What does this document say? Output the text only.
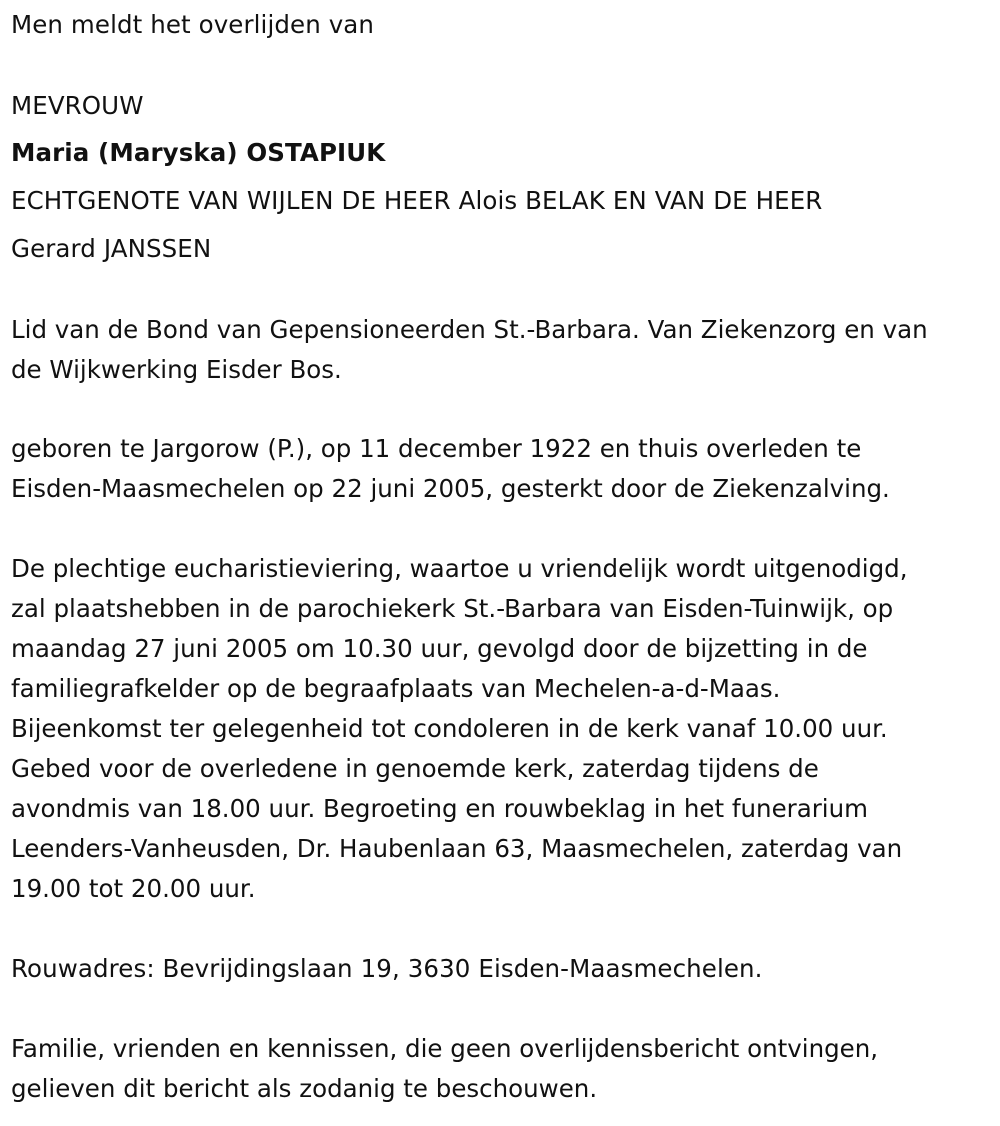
Men meldt het overlijden van
MEVROUW
Maria (Maryska) OSTAPIUK
ECHTGENOTE VAN WIJLEN DE HEER Alois BELAK EN VAN DE HEER
Gerard JANSSEN
Lid van de Bond van Gepensioneerden St.-Barbara. Van Ziekenzorg en van
de Wijkwerking Eisder Bos.
geboren te Jargorow (P.), op 11 december 1922 en thuis overleden te
Eisden-Maasmechelen op 22 juni 2005, gesterkt door de Ziekenzalving.
De plechtige eucharistieviering, waartoe u vriendelijk wordt uitgenodigd,
zal plaatshebben in de parochiekerk St.-Barbara van Eisden-Tuinwijk, op
maandag 27 juni 2005 om 10.30 uur, gevolgd door de bijzetting in de
familiegrafkelder op de begraafplaats van Mechelen-a-d-Maas.
Bijeenkomst ter gelegenheid tot condoleren in de kerk vanaf 10.00 uur.
Gebed voor de overledene in genoemde kerk, zaterdag tijdens de
avondmis van 18.00 uur. Begroeting en rouwbeklag in het funerarium
Leenders-Vanheusden, Dr. Haubenlaan 63, Maasmechelen, zaterdag van
19.00 tot 20.00 uur.
Rouwadres: Bevrijdingslaan 19, 3630 Eisden-Maasmechelen.
Familie, vrienden en kennissen, die geen overlijdensbericht ontvingen,
gelieven dit bericht als zodanig te beschouwen.
